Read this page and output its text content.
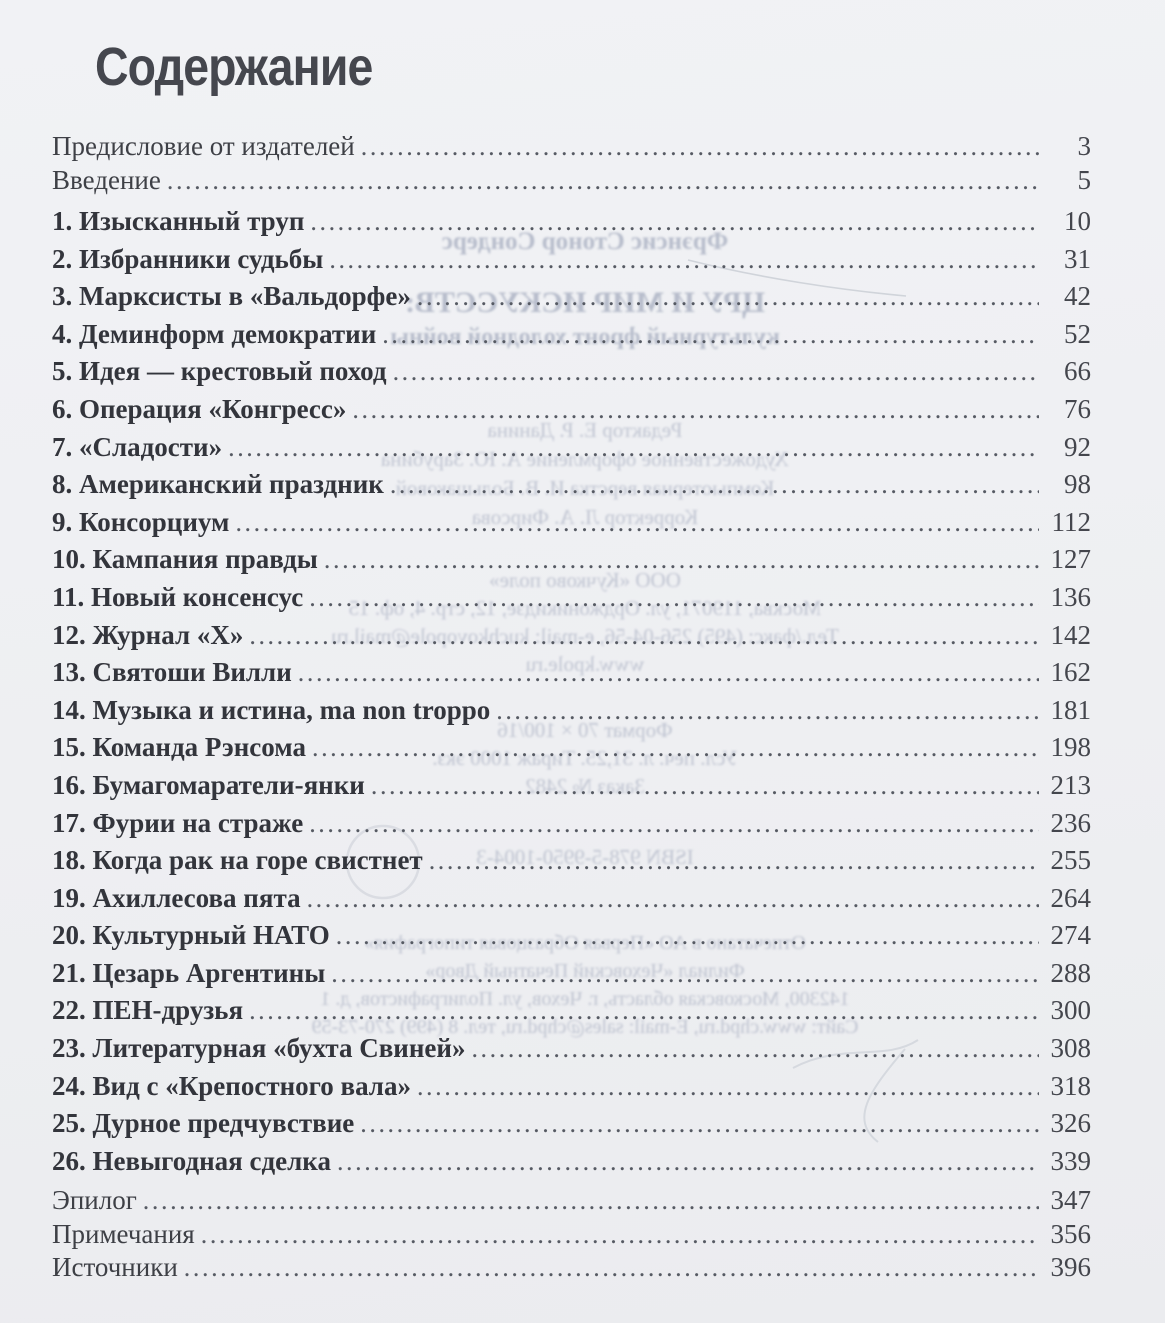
Фрэнсис Стонор Сондерс
ЦРУ И МИР ИСКУССТВ:
культурный фронт холодной войны
Редактор Е. Р. Данина
Художественное оформление А. Ю. Зарубина
Компьютерная верстка И. В. Большаковой
Корректор Л. А. Фирсова
ООО «Кучково поле»
Москва, 119071, ул. Орджоникидзе, 12, стр. 4, оф. 15
Тел./факс: (495) 256-04-56, e-mail: kuchkovopole@mail.ru
www.kpole.ru
Формат 70 × 100/16
Усл. печ. л. 31,25. Тираж 1000 экз.
Заказ № 2482
ISBN 978-5-9950-1004-3
Отпечатано в АО «Первая Образцовая типография»
Филиал «Чеховский Печатный Двор»
142300, Московская область, г. Чехов, ул. Полиграфистов, д. 1
Сайт: www.chpd.ru, E-mail: sales@chpd.ru, тел. 8 (499) 270-73-59
Содержание
Предисловие от издателей .....	3
Введение .....	5
1. Изысканный труп .....	10
2. Избранники судьбы .....	31
3. Марксисты в «Вальдорфе» .....	42
4. Деминформ демократии .....	52
5. Идея — крестовый поход .....	66
6. Операция «Конгресс» .....	76
7. «Сладости» .....	92
8. Американский праздник .....	98
9. Консорциум .....	112
10. Кампания правды .....	127
11. Новый консенсус .....	136
12. Журнал «Х» .....	142
13. Святоши Вилли .....	162
14. Музыка и истина, ma non troppo .....	181
15. Команда Рэнсома .....	198
16. Бумагомаратели-янки .....	213
17. Фурии на страже .....	236
18. Когда рак на горе свистнет .....	255
19. Ахиллесова пята .....	264
20. Культурный НАТО .....	274
21. Цезарь Аргентины .....	288
22. ПЕН-друзья .....	300
23. Литературная «бухта Свиней» .....	308
24. Вид с «Крепостного вала» .....	318
25. Дурное предчувствие .....	326
26. Невыгодная сделка .....	339
Эпилог .....	347
Примечания .....	356
Источники .....	396
